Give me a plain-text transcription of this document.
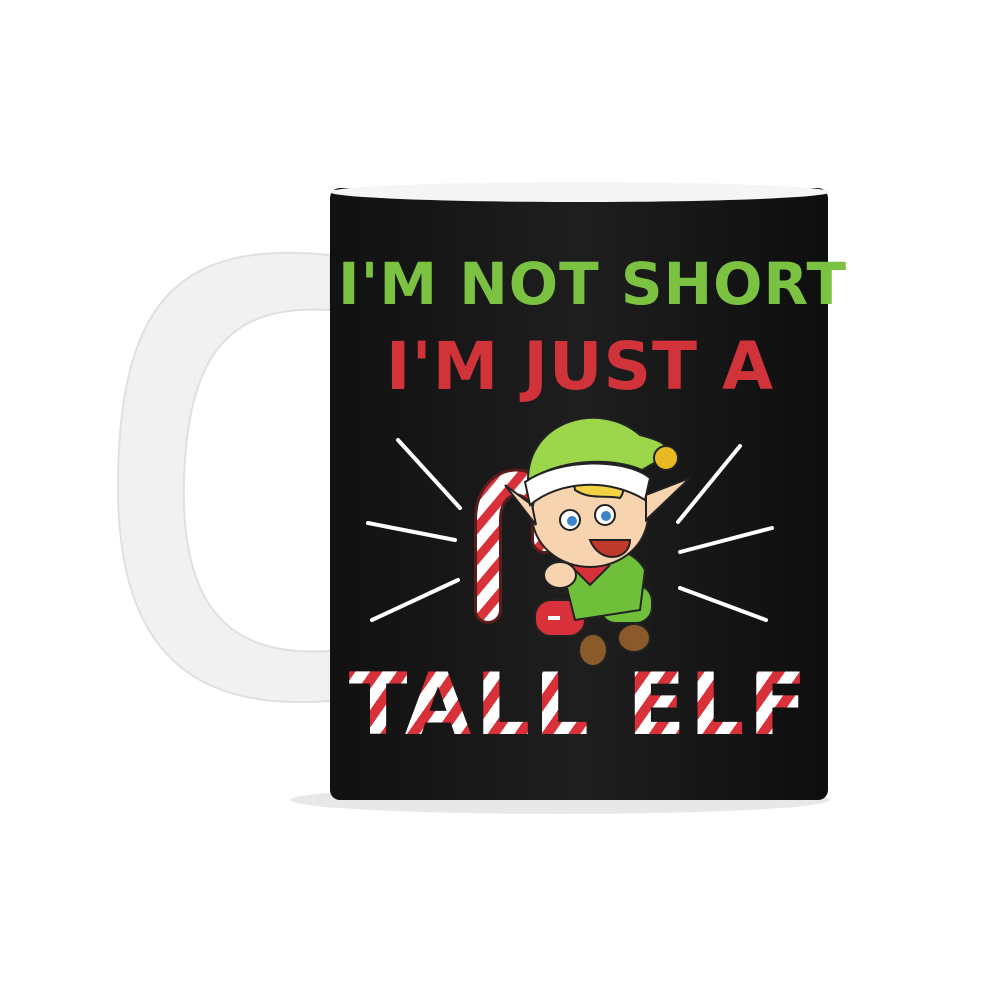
I'M NOT SHORT
I'M JUST A
TALL ELF
